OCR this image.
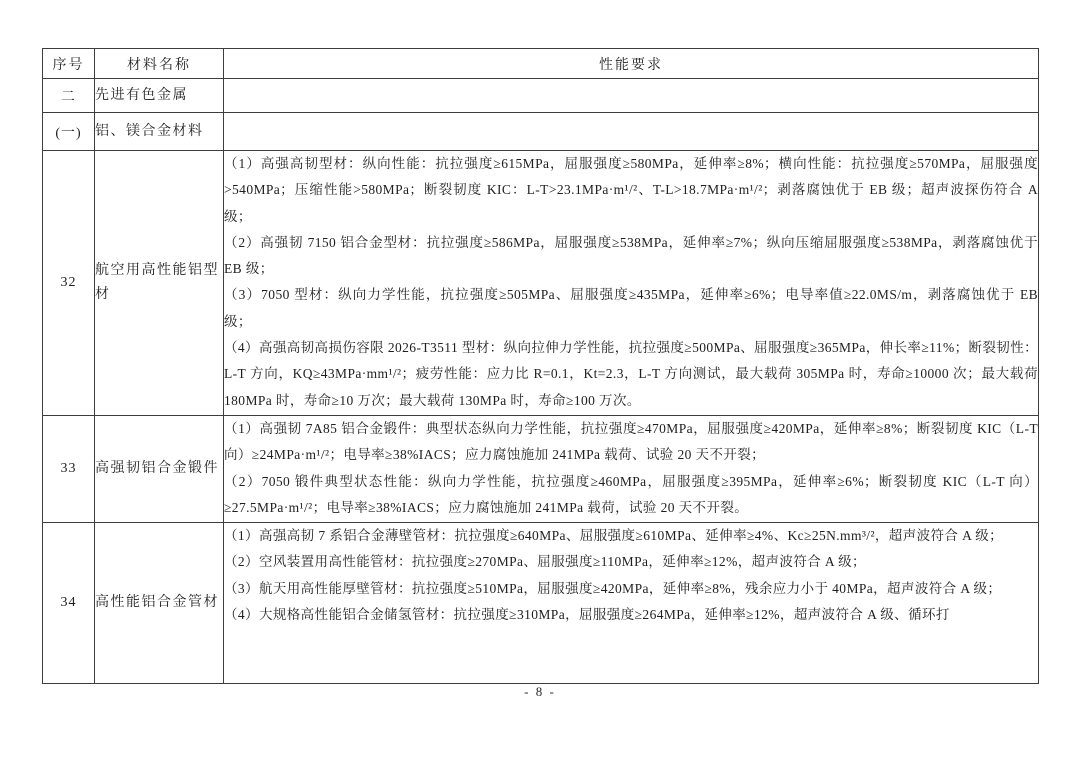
序号	材料名称	性能要求
二	先进有色金属	
(一)	铝、镁合金材料	
32	航空用高性能铝型材	（1）高强高韧型材：纵向性能：抗拉强度≥615MPa，屈服强度≥580MPa，延伸率≥8%；横向性能：抗拉强度≥570MPa，屈服强度>540MPa；压缩性能>580MPa；断裂韧度 KIC：L-T>23.1MPa·m¹/²、T-L>18.7MPa·m¹/²；剥落腐蚀优于 EB 级；超声波探伤符合 A 级；

（2）高强韧 7150 铝合金型材：抗拉强度≥586MPa，屈服强度≥538MPa，延伸率≥7%；纵向压缩屈服强度≥538MPa，剥落腐蚀优于 EB 级；

（3）7050 型材：纵向力学性能，抗拉强度≥505MPa、屈服强度≥435MPa，延伸率≥6%；电导率值≥22.0MS/m，剥落腐蚀优于 EB 级；

（4）高强高韧高损伤容限 2026-T3511 型材：纵向拉伸力学性能，抗拉强度≥500MPa、屈服强度≥365MPa，伸长率≥11%；断裂韧性：L-T 方向，KQ≥43MPa·mm¹/²；疲劳性能：应力比 R=0.1，Kt=2.3，L-T 方向测试，最大载荷 305MPa 时，寿命≥10000 次；最大载荷 180MPa 时，寿命≥10 万次；最大载荷 130MPa 时，寿命≥100 万次。

33	高强韧铝合金锻件	（1）高强韧 7A85 铝合金锻件：典型状态纵向力学性能，抗拉强度≥470MPa，屈服强度≥420MPa，延伸率≥8%；断裂韧度 KIC（L-T 向）≥24MPa·m¹/²；电导率≥38%IACS；应力腐蚀施加 241MPa 载荷、试验 20 天不开裂；

（2）7050 锻件典型状态性能：纵向力学性能，抗拉强度≥460MPa，屈服强度≥395MPa，延伸率≥6%；断裂韧度 KIC（L-T 向）≥27.5MPa·m¹/²；电导率≥38%IACS；应力腐蚀施加 241MPa 载荷，试验 20 天不开裂。

34	高性能铝合金管材	（1）高强高韧 7 系铝合金薄壁管材：抗拉强度≥640MPa、屈服强度≥610MPa、延伸率≥4%、Kc≥25N.mm³/²，超声波符合 A 级；

（2）空风装置用高性能管材：抗拉强度≥270MPa、屈服强度≥110MPa，延伸率≥12%，超声波符合 A 级；

（3）航天用高性能厚壁管材：抗拉强度≥510MPa，屈服强度≥420MPa，延伸率≥8%，残余应力小于 40MPa，超声波符合 A 级；

（4）大规格高性能铝合金储氢管材：抗拉强度≥310MPa，屈服强度≥264MPa，延伸率≥12%，超声波符合 A 级、循环打

- 8 -
